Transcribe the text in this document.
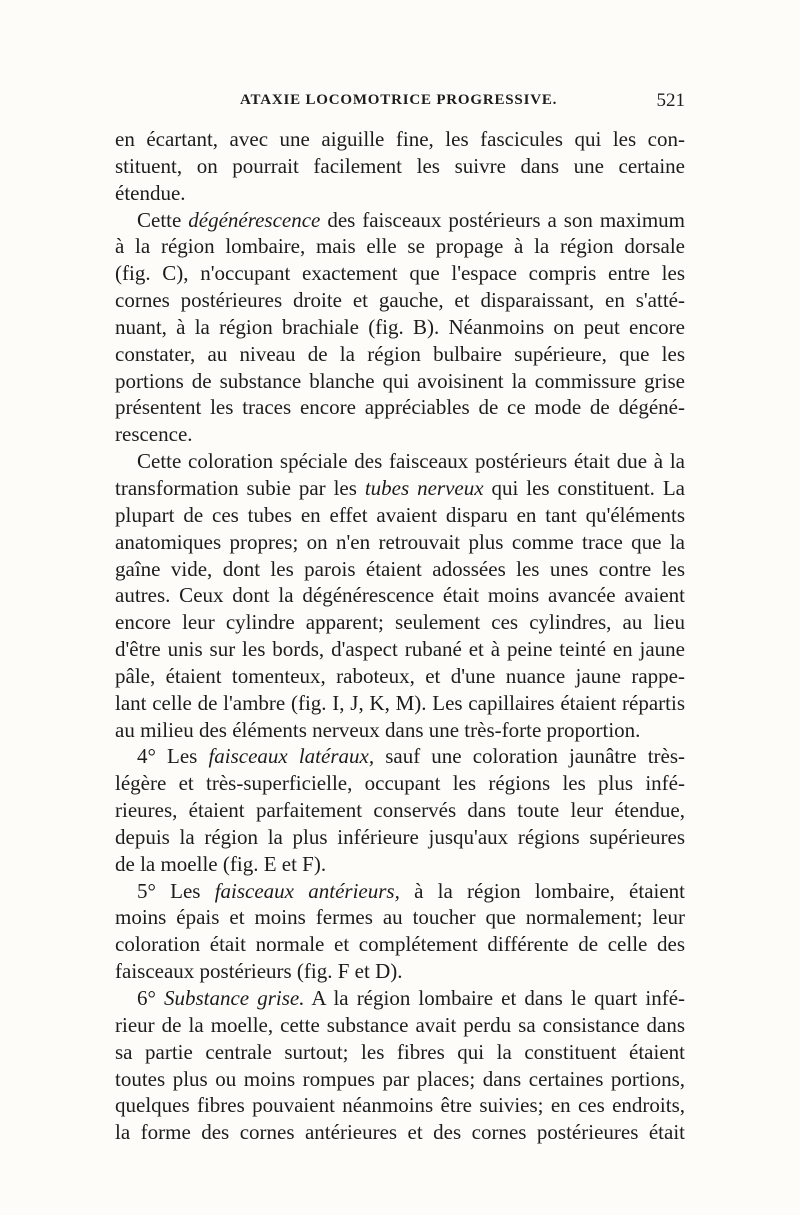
ATAXIE LOCOMOTRICE PROGRESSIVE.	521

en écartant, avec une aiguille fine, les fascicules qui les con-

stituent, on pourrait facilement les suivre dans une certaine

étendue.

Cette dégénérescence des faisceaux postérieurs a son maximum

à la région lombaire, mais elle se propage à la région dorsale

(fig. C), n'occupant exactement que l'espace compris entre les

cornes postérieures droite et gauche, et disparaissant, en s'atté-

nuant, à la région brachiale (fig. B). Néanmoins on peut encore

constater, au niveau de la région bulbaire supérieure, que les

portions de substance blanche qui avoisinent la commissure grise

présentent les traces encore appréciables de ce mode de dégéné-

rescence.

Cette coloration spéciale des faisceaux postérieurs était due à la

transformation subie par les tubes nerveux qui les constituent. La

plupart de ces tubes en effet avaient disparu en tant qu'éléments

anatomiques propres; on n'en retrouvait plus comme trace que la

gaîne vide, dont les parois étaient adossées les unes contre les

autres. Ceux dont la dégénérescence était moins avancée avaient

encore leur cylindre apparent; seulement ces cylindres, au lieu

d'être unis sur les bords, d'aspect rubané et à peine teinté en jaune

pâle, étaient tomenteux, raboteux, et d'une nuance jaune rappe-

lant celle de l'ambre (fig. I, J, K, M). Les capillaires étaient répartis

au milieu des éléments nerveux dans une très-forte proportion.

4° Les faisceaux latéraux, sauf une coloration jaunâtre très-

légère et très-superficielle, occupant les régions les plus infé-

rieures, étaient parfaitement conservés dans toute leur étendue,

depuis la région la plus inférieure jusqu'aux régions supérieures

de la moelle (fig. E et F).

5° Les faisceaux antérieurs, à la région lombaire, étaient

moins épais et moins fermes au toucher que normalement; leur

coloration était normale et complétement différente de celle des

faisceaux postérieurs (fig. F et D).

6° Substance grise. A la région lombaire et dans le quart infé-

rieur de la moelle, cette substance avait perdu sa consistance dans

sa partie centrale surtout; les fibres qui la constituent étaient

toutes plus ou moins rompues par places; dans certaines portions,

quelques fibres pouvaient néanmoins être suivies; en ces endroits,

la forme des cornes antérieures et des cornes postérieures était
